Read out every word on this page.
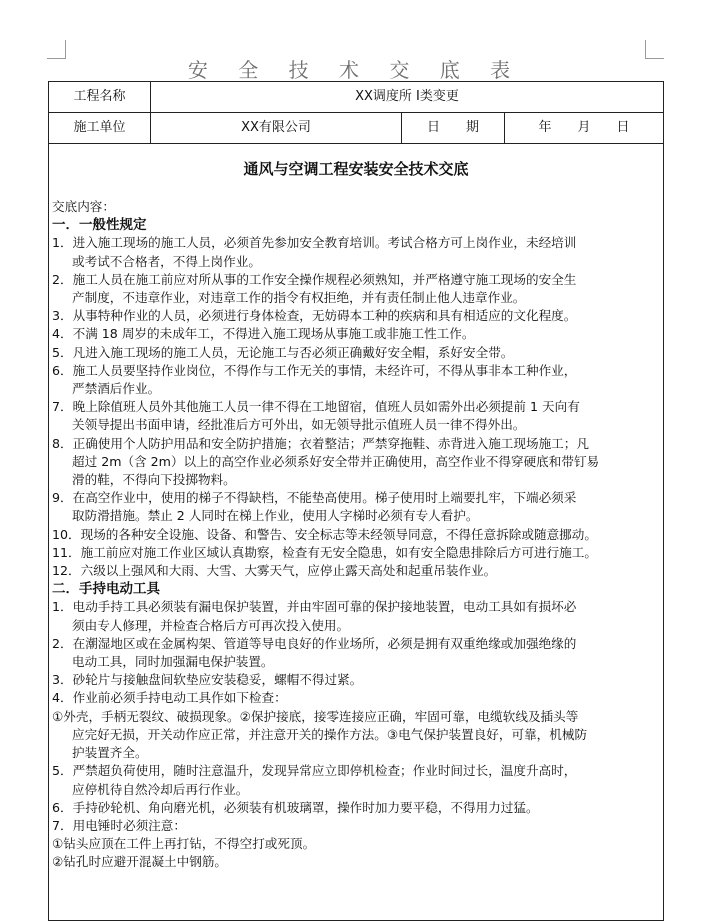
安 全 技 术 交 底 表
工程名称	XX调度所 I类变更
施工单位	XX有限公司	日　　期	年　　月　　日
通风与空调工程安装安全技术交底

交底内容：

一．一般性规定

1．进入施工现场的施工人员，必须首先参加安全教育培训。考试合格方可上岗作业，未经培训

或考试不合格者，不得上岗作业。

2．施工人员在施工前应对所从事的工作安全操作规程必须熟知，并严格遵守施工现场的安全生

产制度，不违章作业，对违章工作的指令有权拒绝，并有责任制止他人违章作业。

3．从事特种作业的人员，必须进行身体检查，无妨碍本工种的疾病和具有相适应的文化程度。

4．不满 18 周岁的未成年工，不得进入施工现场从事施工或非施工性工作。

5．凡进入施工现场的施工人员，无论施工与否必须正确戴好安全帽，系好安全带。

6．施工人员要坚持作业岗位，不得作与工作无关的事情，未经许可，不得从事非本工种作业，

严禁酒后作业。

7．晚上除值班人员外其他施工人员一律不得在工地留宿，值班人员如需外出必须提前 1 天向有

关领导提出书面申请，经批准后方可外出，如无领导批示值班人员一律不得外出。

8．正确使用个人防护用品和安全防护措施；衣着整洁；严禁穿拖鞋、赤背进入施工现场施工；凡

超过 2m（含 2m）以上的高空作业必须系好安全带并正确使用，高空作业不得穿硬底和带钉易

滑的鞋，不得向下投掷物料。

9．在高空作业中，使用的梯子不得缺档，不能垫高使用。梯子使用时上端要扎牢，下端必须采

取防滑措施。禁止 2 人同时在梯上作业，使用人字梯时必须有专人看护。

10．现场的各种安全设施、设备、和警告、安全标志等未经领导同意，不得任意拆除或随意挪动。

11．施工前应对施工作业区域认真勘察，检查有无安全隐患，如有安全隐患排除后方可进行施工。

12．六级以上强风和大雨、大雪、大雾天气，应停止露天高处和起重吊装作业。

二．手持电动工具

1．电动手持工具必须装有漏电保护装置，并由牢固可靠的保护接地装置，电动工具如有损坏必

须由专人修理，并检查合格后方可再次投入使用。

2．在潮湿地区或在金属构架、管道等导电良好的作业场所，必须是拥有双重绝缘或加强绝缘的

电动工具，同时加强漏电保护装置。

3．砂轮片与接触盘间软垫应安装稳妥，螺帽不得过紧。

4．作业前必须手持电动工具作如下检查：

①外壳，手柄无裂纹、破损现象。②保护接底，接零连接应正确，牢固可靠，电缆软线及插头等

应完好无损，开关动作应正常，并注意开关的操作方法。③电气保护装置良好，可靠，机械防

护装置齐全。

5．严禁超负荷使用，随时注意温升，发现异常应立即停机检查；作业时间过长，温度升高时，

应停机待自然冷却后再行作业。

6．手持砂轮机、角向磨光机，必须装有机玻璃罩，操作时加力要平稳，不得用力过猛。

7．用电锤时必须注意：

①钻头应顶在工件上再打钻，不得空打或死顶。

②钻孔时应避开混凝土中钢筋。
